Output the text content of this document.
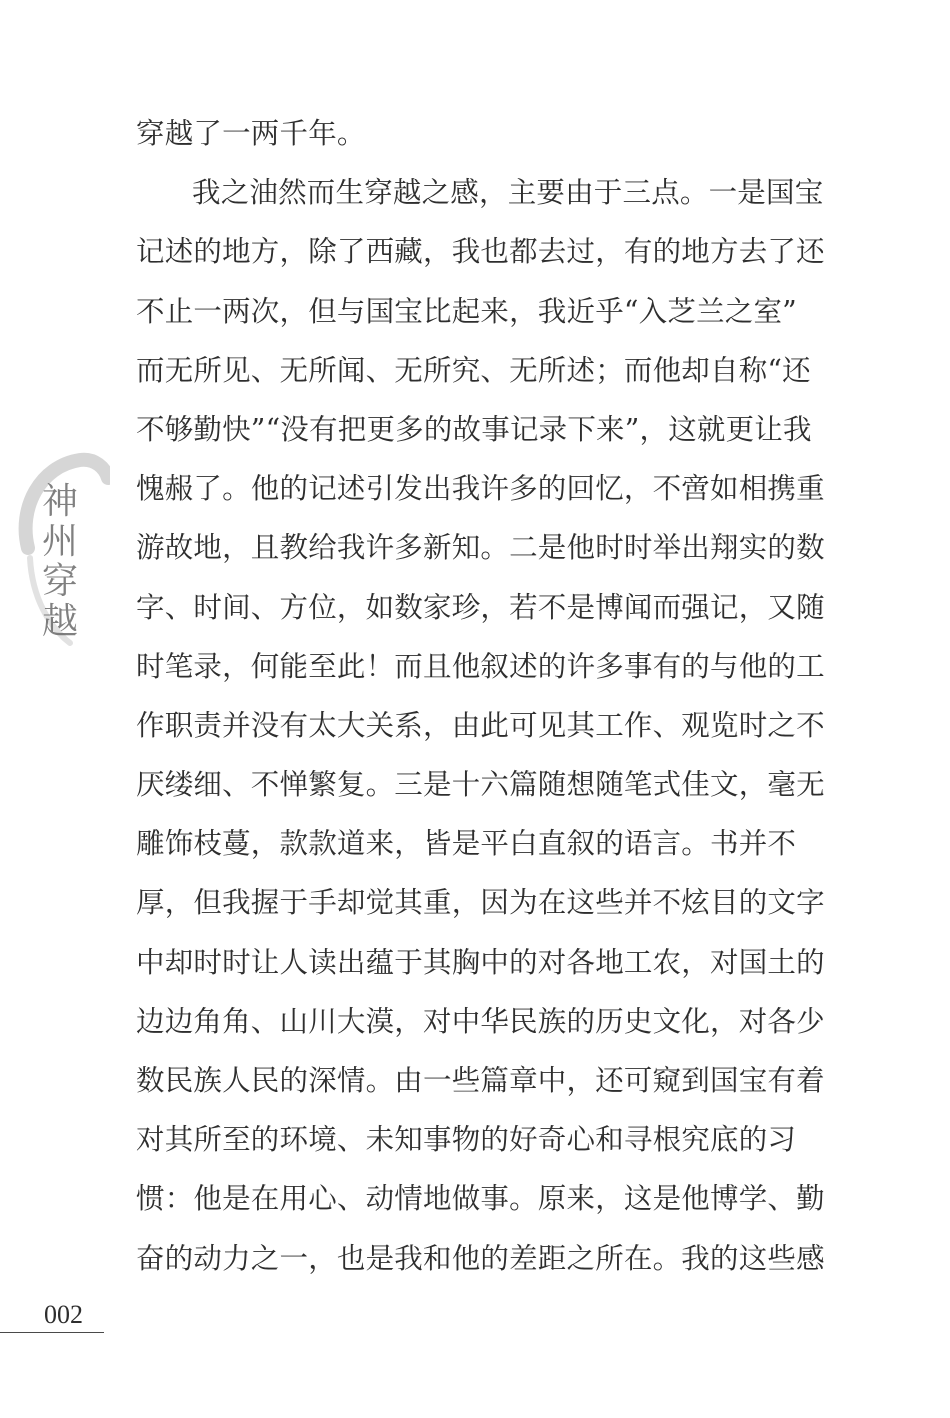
神州穿越
穿越了一两千年。
我之油然而生穿越之感，主要由于三点。一是国宝
记述的地方，除了西藏，我也都去过，有的地方去了还
不止一两次，但与国宝比起来，我近乎“入芝兰之室”
而无所见、无所闻、无所究、无所述；而他却自称“还
不够勤快”“没有把更多的故事记录下来”，这就更让我
愧赧了。他的记述引发出我许多的回忆，不啻如相携重
游故地，且教给我许多新知。二是他时时举出翔实的数
字、时间、方位，如数家珍，若不是博闻而强记，又随
时笔录，何能至此！而且他叙述的许多事有的与他的工
作职责并没有太大关系，由此可见其工作、观览时之不
厌缕细、不惮繁复。三是十六篇随想随笔式佳文，毫无
雕饰枝蔓，款款道来，皆是平白直叙的语言。书并不
厚，但我握于手却觉其重，因为在这些并不炫目的文字
中却时时让人读出蕴于其胸中的对各地工农，对国土的
边边角角、山川大漠，对中华民族的历史文化，对各少
数民族人民的深情。由一些篇章中，还可窥到国宝有着
对其所至的环境、未知事物的好奇心和寻根究底的习
惯：他是在用心、动情地做事。原来，这是他博学、勤
奋的动力之一，也是我和他的差距之所在。我的这些感
002
